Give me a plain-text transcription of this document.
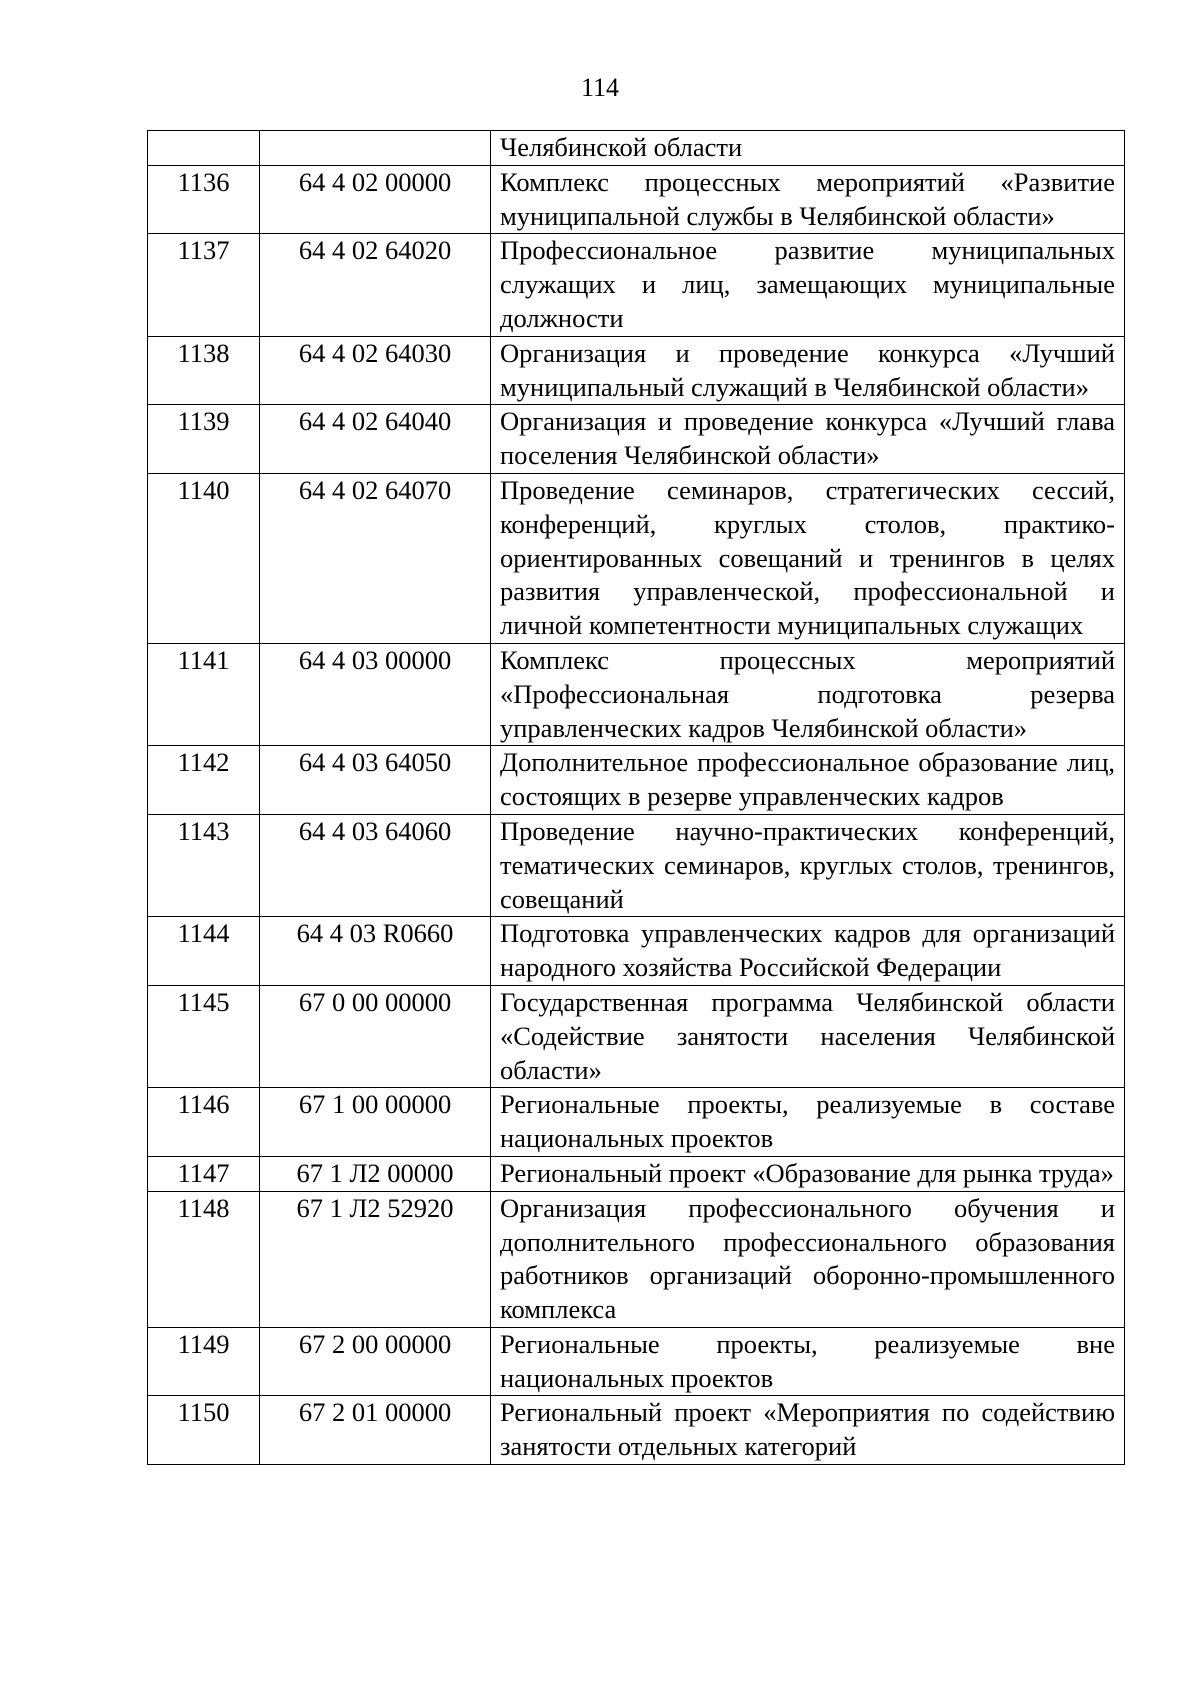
114
		Челябинской области
1136	64 4 02 00000	Комплекс процессных мероприятий «Развитие муниципальной службы в Челябинской области»
1137	64 4 02 64020	Профессиональное развитие муниципальных служащих и лиц, замещающих муниципальные должности
1138	64 4 02 64030	Организация и проведение конкурса «Лучший муниципальный служащий в Челябинской области»
1139	64 4 02 64040	Организация и проведение конкурса «Лучший глава поселения Челябинской области»
1140	64 4 02 64070	Проведение семинаров, стратегических сессий, конференций, круглых столов, практико-ориентированных совещаний и тренингов в целях развития управленческой, профессиональной и личной компетентности муниципальных служащих
1141	64 4 03 00000	Комплекс процессных мероприятий «Профессиональная подготовка резерва управленческих кадров Челябинской области»
1142	64 4 03 64050	Дополнительное профессиональное образование лиц, состоящих в резерве управленческих кадров
1143	64 4 03 64060	Проведение научно-практических конференций, тематических семинаров, круглых столов, тренингов, совещаний
1144	64 4 03 R0660	Подготовка управленческих кадров для организаций народного хозяйства Российской Федерации
1145	67 0 00 00000	Государственная программа Челябинской области «Содействие занятости населения Челябинской области»
1146	67 1 00 00000	Региональные проекты, реализуемые в составе национальных проектов
1147	67 1 Л2 00000	Региональный проект «Образование для рынка труда»
1148	67 1 Л2 52920	Организация профессионального обучения и дополнительного профессионального образования работников организаций оборонно-промышленного комплекса
1149	67 2 00 00000	Региональные проекты, реализуемые вне национальных проектов
1150	67 2 01 00000	Региональный проект «Мероприятия по содействию занятости отдельных категорий
